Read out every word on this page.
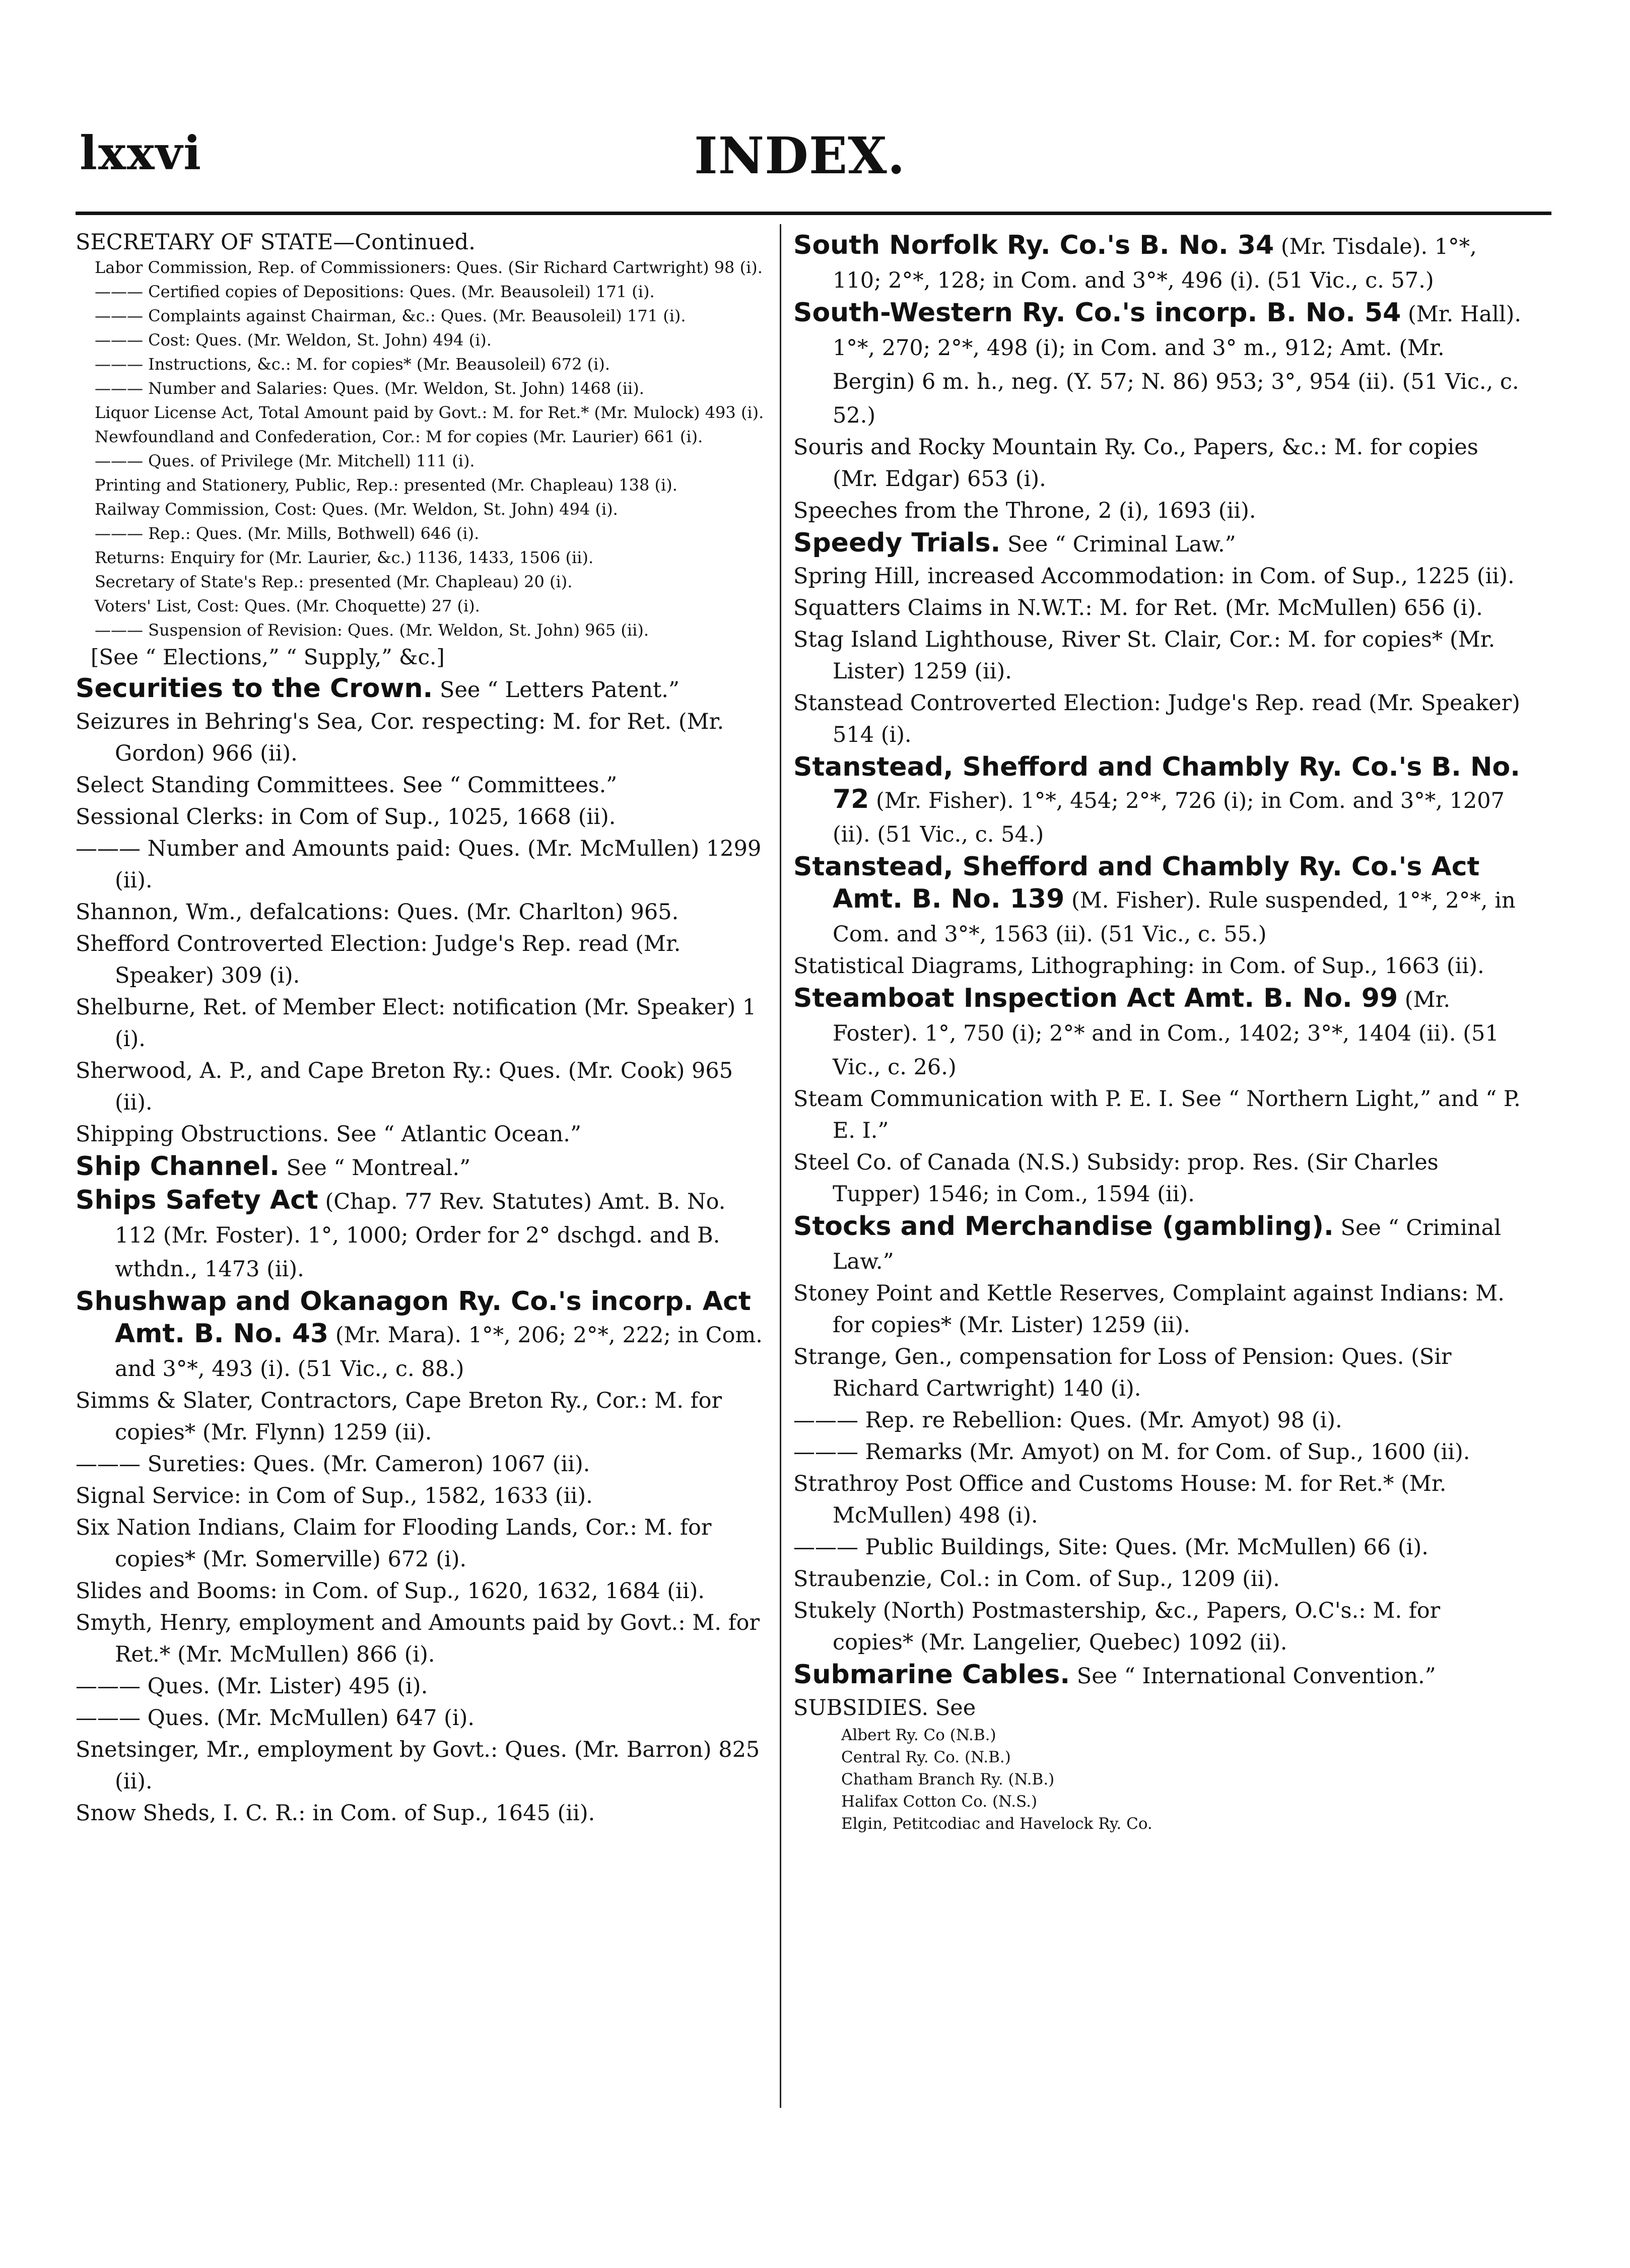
lxxvi	INDEX.
SECRETARY OF STATE—Continued.
Labor Commission, Rep. of Commissioners: Ques. (Sir Richard Cartwright) 98 (i).
——— Certified copies of Depositions: Ques. (Mr. Beausoleil) 171 (i).
——— Complaints against Chairman, &c.: Ques. (Mr. Beausoleil) 171 (i).
——— Cost: Ques. (Mr. Weldon, St. John) 494 (i).
——— Instructions, &c.: M. for copies* (Mr. Beausoleil) 672 (i).
——— Number and Salaries: Ques. (Mr. Weldon, St. John) 1468 (ii).
Liquor License Act, Total Amount paid by Govt.: M. for Ret.* (Mr. Mulock) 493 (i).
Newfoundland and Confederation, Cor.: M for copies (Mr. Laurier) 661 (i).
——— Ques. of Privilege (Mr. Mitchell) 111 (i).
Printing and Stationery, Public, Rep.: presented (Mr. Chapleau) 138 (i).
Railway Commission, Cost: Ques. (Mr. Weldon, St. John) 494 (i).
——— Rep.: Ques. (Mr. Mills, Bothwell) 646 (i).
Returns: Enquiry for (Mr. Laurier, &c.) 1136, 1433, 1506 (ii).
Secretary of State's Rep.: presented (Mr. Chapleau) 20 (i).
Voters' List, Cost: Ques. (Mr. Choquette) 27 (i).
——— Suspension of Revision: Ques. (Mr. Weldon, St. John) 965 (ii).
[See “ Elections,” “ Supply,” &c.]
Securities to the Crown. See “ Letters Patent.”
Seizures in Behring's Sea, Cor. respecting: M. for Ret. (Mr. Gordon) 966 (ii).
Select Standing Committees. See “ Committees.”
Sessional Clerks: in Com of Sup., 1025, 1668 (ii).
——— Number and Amounts paid: Ques. (Mr. McMullen) 1299 (ii).
Shannon, Wm., defalcations: Ques. (Mr. Charlton) 965.
Shefford Controverted Election: Judge's Rep. read (Mr. Speaker) 309 (i).
Shelburne, Ret. of Member Elect: notification (Mr. Speaker) 1 (i).
Sherwood, A. P., and Cape Breton Ry.: Ques. (Mr. Cook) 965 (ii).
Shipping Obstructions. See “ Atlantic Ocean.”
Ship Channel. See “ Montreal.”
Ships Safety Act (Chap. 77 Rev. Statutes) Amt. B. No. 112 (Mr. Foster). 1°, 1000; Order for 2° dschgd. and B. wthdn., 1473 (ii).
Shushwap and Okanagon Ry. Co.'s incorp. Act Amt. B. No. 43 (Mr. Mara). 1°*, 206; 2°*, 222; in Com. and 3°*, 493 (i). (51 Vic., c. 88.)
Simms & Slater, Contractors, Cape Breton Ry., Cor.: M. for copies* (Mr. Flynn) 1259 (ii).
——— Sureties: Ques. (Mr. Cameron) 1067 (ii).
Signal Service: in Com of Sup., 1582, 1633 (ii).
Six Nation Indians, Claim for Flooding Lands, Cor.: M. for copies* (Mr. Somerville) 672 (i).
Slides and Booms: in Com. of Sup., 1620, 1632, 1684 (ii).
Smyth, Henry, employment and Amounts paid by Govt.: M. for Ret.* (Mr. McMullen) 866 (i).
——— Ques. (Mr. Lister) 495 (i).
——— Ques. (Mr. McMullen) 647 (i).
Snetsinger, Mr., employment by Govt.: Ques. (Mr. Barron) 825 (ii).
Snow Sheds, I. C. R.: in Com. of Sup., 1645 (ii).
South Norfolk Ry. Co.'s B. No. 34 (Mr. Tisdale). 1°*, 110; 2°*, 128; in Com. and 3°*, 496 (i). (51 Vic., c. 57.)
South-Western Ry. Co.'s incorp. B. No. 54 (Mr. Hall). 1°*, 270; 2°*, 498 (i); in Com. and 3° m., 912; Amt. (Mr. Bergin) 6 m. h., neg. (Y. 57; N. 86) 953; 3°, 954 (ii). (51 Vic., c. 52.)
Souris and Rocky Mountain Ry. Co., Papers, &c.: M. for copies (Mr. Edgar) 653 (i).
Speeches from the Throne, 2 (i), 1693 (ii).
Speedy Trials. See “ Criminal Law.”
Spring Hill, increased Accommodation: in Com. of Sup., 1225 (ii).
Squatters Claims in N.W.T.: M. for Ret. (Mr. McMullen) 656 (i).
Stag Island Lighthouse, River St. Clair, Cor.: M. for copies* (Mr. Lister) 1259 (ii).
Stanstead Controverted Election: Judge's Rep. read (Mr. Speaker) 514 (i).
Stanstead, Shefford and Chambly Ry. Co.'s B. No. 72 (Mr. Fisher). 1°*, 454; 2°*, 726 (i); in Com. and 3°*, 1207 (ii). (51 Vic., c. 54.)
Stanstead, Shefford and Chambly Ry. Co.'s Act Amt. B. No. 139 (M. Fisher). Rule suspended, 1°*, 2°*, in Com. and 3°*, 1563 (ii). (51 Vic., c. 55.)
Statistical Diagrams, Lithographing: in Com. of Sup., 1663 (ii).
Steamboat Inspection Act Amt. B. No. 99 (Mr. Foster). 1°, 750 (i); 2°* and in Com., 1402; 3°*, 1404 (ii). (51 Vic., c. 26.)
Steam Communication with P. E. I. See “ Northern Light,” and “ P. E. I.”
Steel Co. of Canada (N.S.) Subsidy: prop. Res. (Sir Charles Tupper) 1546; in Com., 1594 (ii).
Stocks and Merchandise (gambling). See “ Criminal Law.”
Stoney Point and Kettle Reserves, Complaint against Indians: M. for copies* (Mr. Lister) 1259 (ii).
Strange, Gen., compensation for Loss of Pension: Ques. (Sir Richard Cartwright) 140 (i).
——— Rep. re Rebellion: Ques. (Mr. Amyot) 98 (i).
——— Remarks (Mr. Amyot) on M. for Com. of Sup., 1600 (ii).
Strathroy Post Office and Customs House: M. for Ret.* (Mr. McMullen) 498 (i).
——— Public Buildings, Site: Ques. (Mr. McMullen) 66 (i).
Straubenzie, Col.: in Com. of Sup., 1209 (ii).
Stukely (North) Postmastership, &c., Papers, O.C's.: M. for copies* (Mr. Langelier, Quebec) 1092 (ii).
Submarine Cables. See “ International Convention.”
SUBSIDIES. See
Albert Ry. Co (N.B.)
Central Ry. Co. (N.B.)
Chatham Branch Ry. (N.B.)
Halifax Cotton Co. (N.S.)
Elgin, Petitcodiac and Havelock Ry. Co.
